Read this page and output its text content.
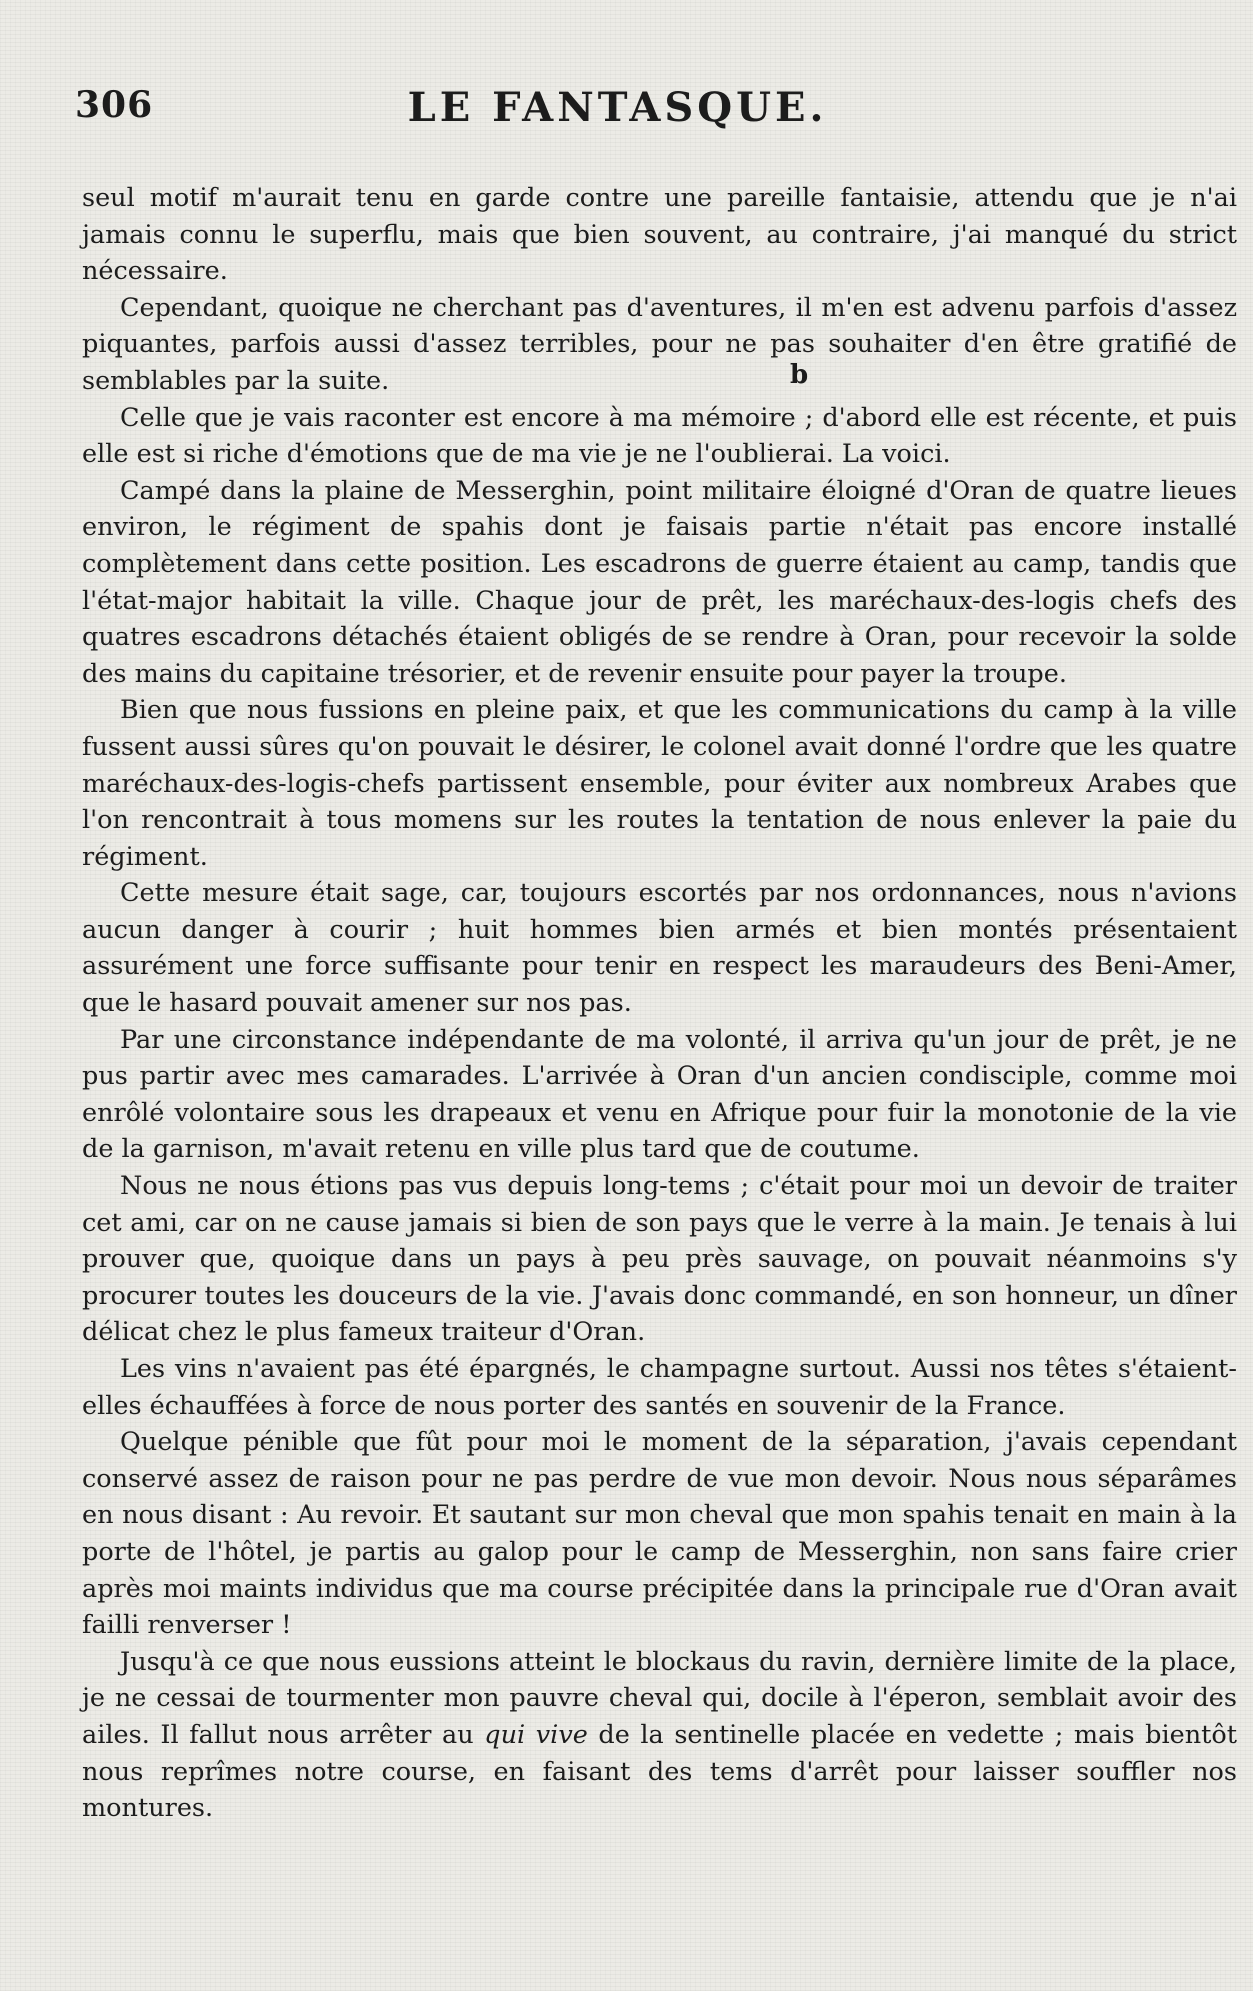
306	LE FANTASQUE.
b

seul motif m'aurait tenu en garde contre une pareille fantaisie, attendu que je n'ai jamais connu le superflu, mais que bien souvent, au contraire, j'ai manqué du strict nécessaire.

Cependant, quoique ne cherchant pas d'aventures, il m'en est advenu parfois d'assez piquantes, parfois aussi d'assez terribles, pour ne pas souhaiter d'en être gratifié de semblables par la suite.

Celle que je vais raconter est encore à ma mémoire ; d'abord elle est récente, et puis elle est si riche d'émotions que de ma vie je ne l'oublierai. La voici.

Campé dans la plaine de Messerghin, point militaire éloigné d'Oran de quatre lieues environ, le régiment de spahis dont je faisais partie n'était pas encore installé complètement dans cette position. Les escadrons de guerre étaient au camp, tandis que l'état-major habitait la ville. Chaque jour de prêt, les maréchaux-des-logis chefs des quatres escadrons détachés étaient obligés de se rendre à Oran, pour recevoir la solde des mains du capitaine trésorier, et de revenir ensuite pour payer la troupe.

Bien que nous fussions en pleine paix, et que les communications du camp à la ville fussent aussi sûres qu'on pouvait le désirer, le colonel avait donné l'ordre que les quatre maréchaux-des-logis-chefs partissent ensemble, pour éviter aux nombreux Arabes que l'on rencontrait à tous momens sur les routes la tentation de nous enlever la paie du régiment.

Cette mesure était sage, car, toujours escortés par nos ordonnances, nous n'avions aucun danger à courir ; huit hommes bien armés et bien montés présentaient assurément une force suffisante pour tenir en respect les maraudeurs des Beni-Amer, que le hasard pouvait amener sur nos pas.

Par une circonstance indépendante de ma volonté, il arriva qu'un jour de prêt, je ne pus partir avec mes camarades. L'arrivée à Oran d'un ancien condisciple, comme moi enrôlé volontaire sous les drapeaux et venu en Afrique pour fuir la monotonie de la vie de la garnison, m'avait retenu en ville plus tard que de coutume.

Nous ne nous étions pas vus depuis long-tems ; c'était pour moi un devoir de traiter cet ami, car on ne cause jamais si bien de son pays que le verre à la main. Je tenais à lui prouver que, quoique dans un pays à peu près sauvage, on pouvait néanmoins s'y procurer toutes les douceurs de la vie. J'avais donc commandé, en son honneur, un dîner délicat chez le plus fameux traiteur d'Oran.

Les vins n'avaient pas été épargnés, le champagne surtout. Aussi nos têtes s'étaient-elles échauffées à force de nous porter des santés en souvenir de la France.

Quelque pénible que fût pour moi le moment de la séparation, j'avais cependant conservé assez de raison pour ne pas perdre de vue mon devoir. Nous nous séparâmes en nous disant : Au revoir. Et sautant sur mon cheval que mon spahis tenait en main à la porte de l'hôtel, je partis au galop pour le camp de Messerghin, non sans faire crier après moi maints individus que ma course précipitée dans la principale rue d'Oran avait failli renverser !

Jusqu'à ce que nous eussions atteint le blockaus du ravin, dernière limite de la place, je ne cessai de tourmenter mon pauvre cheval qui, docile à l'éperon, semblait avoir des ailes. Il fallut nous arrêter au qui vive de la sentinelle placée en vedette ; mais bientôt nous reprîmes notre course, en faisant des tems d'arrêt pour laisser souffler nos montures.
